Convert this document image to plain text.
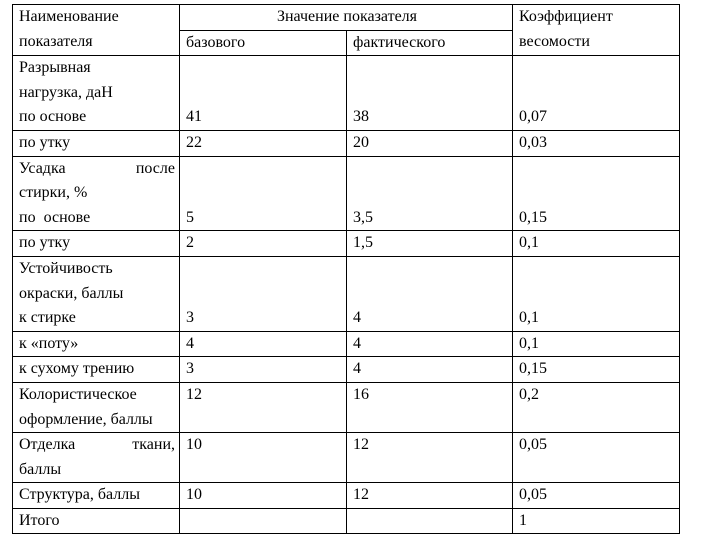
Наименование
показателя	Значение показателя		Коэффициент
весомости

	базового	фактического	

Разрывная
нагрузка, даН
по основе	41	38	0,07
по утку	22	20	0,03

Усадка после
стирки, %
по  основе	5	3,5	0,15
по утку	2	1,5	0,1

Устойчивость
окраски, баллы
к стирке	3	4	0,1
к «поту»	4	4	0,1
к сухому трению	3	4	0,15

Колористическое
оформление, баллы	12	16	0,2

Отделка ткани,
баллы	10	12	0,05
Структура, баллы	10	12	0,05
Итого			1
